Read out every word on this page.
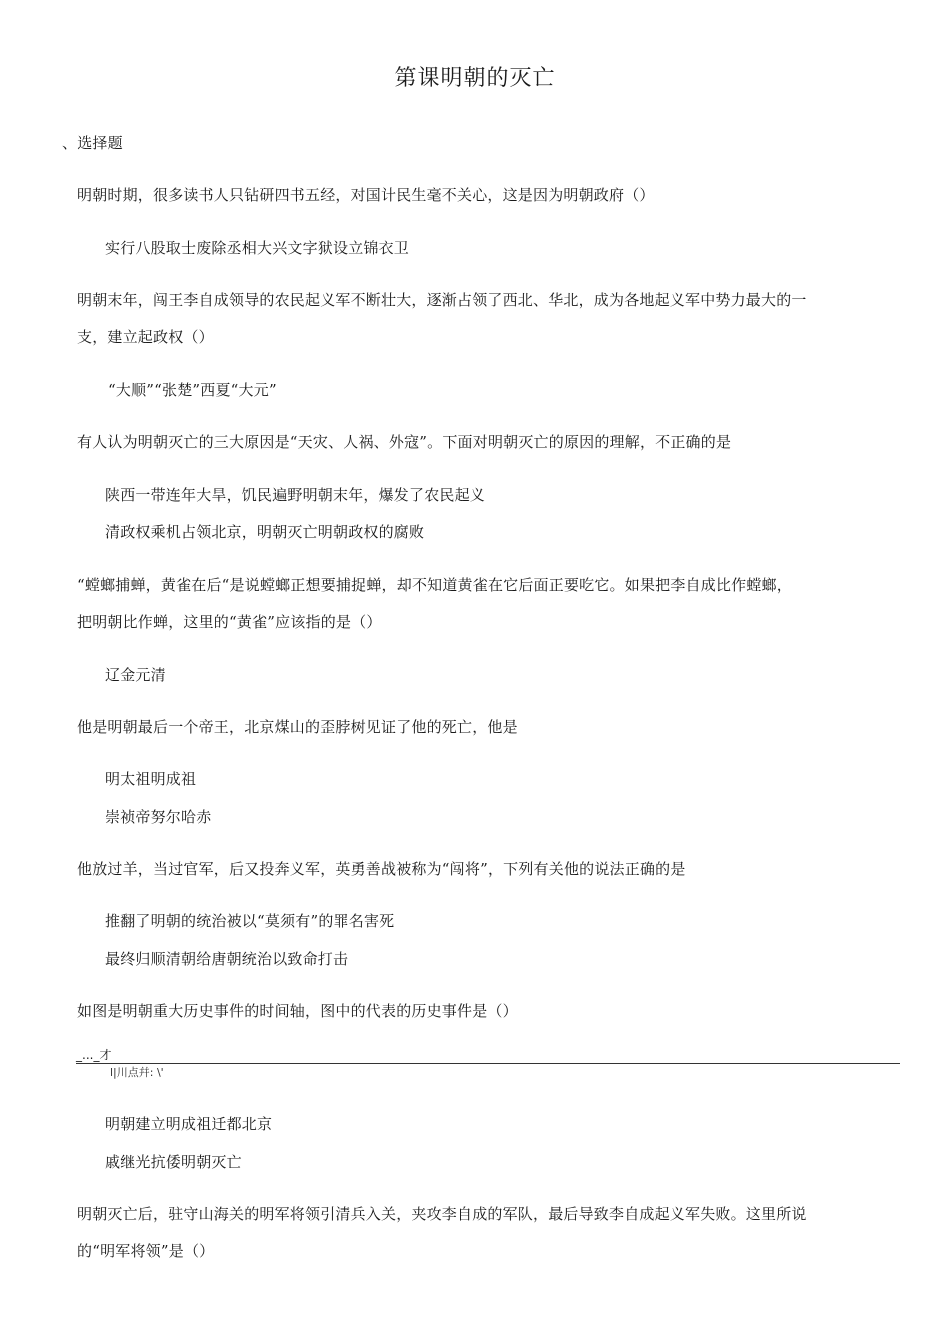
第课明朝的灭亡
、选择题
明朝时期，很多读书人只钻研四书五经，对国计民生毫不关心，这是因为明朝政府（）
实行八股取士废除丞相大兴文字狱设立锦衣卫
明朝末年，闯王李自成领导的农民起义军不断壮大，逐渐占领了西北、华北，成为各地起义军中势力最大的一
支，建立起政权（）
“大顺”“张楚”西夏“大元”
有人认为明朝灭亡的三大原因是“天灾、人祸、外寇”。下面对明朝灭亡的原因的理解，不正确的是
陕西一带连年大旱，饥民遍野明朝末年，爆发了农民起义
清政权乘机占领北京，明朝灭亡明朝政权的腐败
“螳螂捕蝉，黄雀在后“是说螳螂正想要捕捉蝉，却不知道黄雀在它后面正要吃它。如果把李自成比作螳螂，
把明朝比作蝉，这里的“黄雀”应该指的是（）
辽金元清
他是明朝最后一个帝王，北京煤山的歪脖树见证了他的死亡，他是
明太祖明成祖
崇祯帝努尔哈赤
他放过羊，当过官军，后又投奔义军，英勇善战被称为“闯将”，下列有关他的说法正确的是
推翻了明朝的统治被以“莫须有”的罪名害死
最终归顺清朝给唐朝统治以致命打击
如图是明朝重大历史事件的时间轴，图中的代表的历史事件是（）
_..._才
l|川点幷: \'
明朝建立明成祖迁都北京
戚继光抗倭明朝灭亡
明朝灭亡后，驻守山海关的明军将领引清兵入关，夹攻李自成的军队，最后导致李自成起义军失败。这里所说
的“明军将领”是（）
